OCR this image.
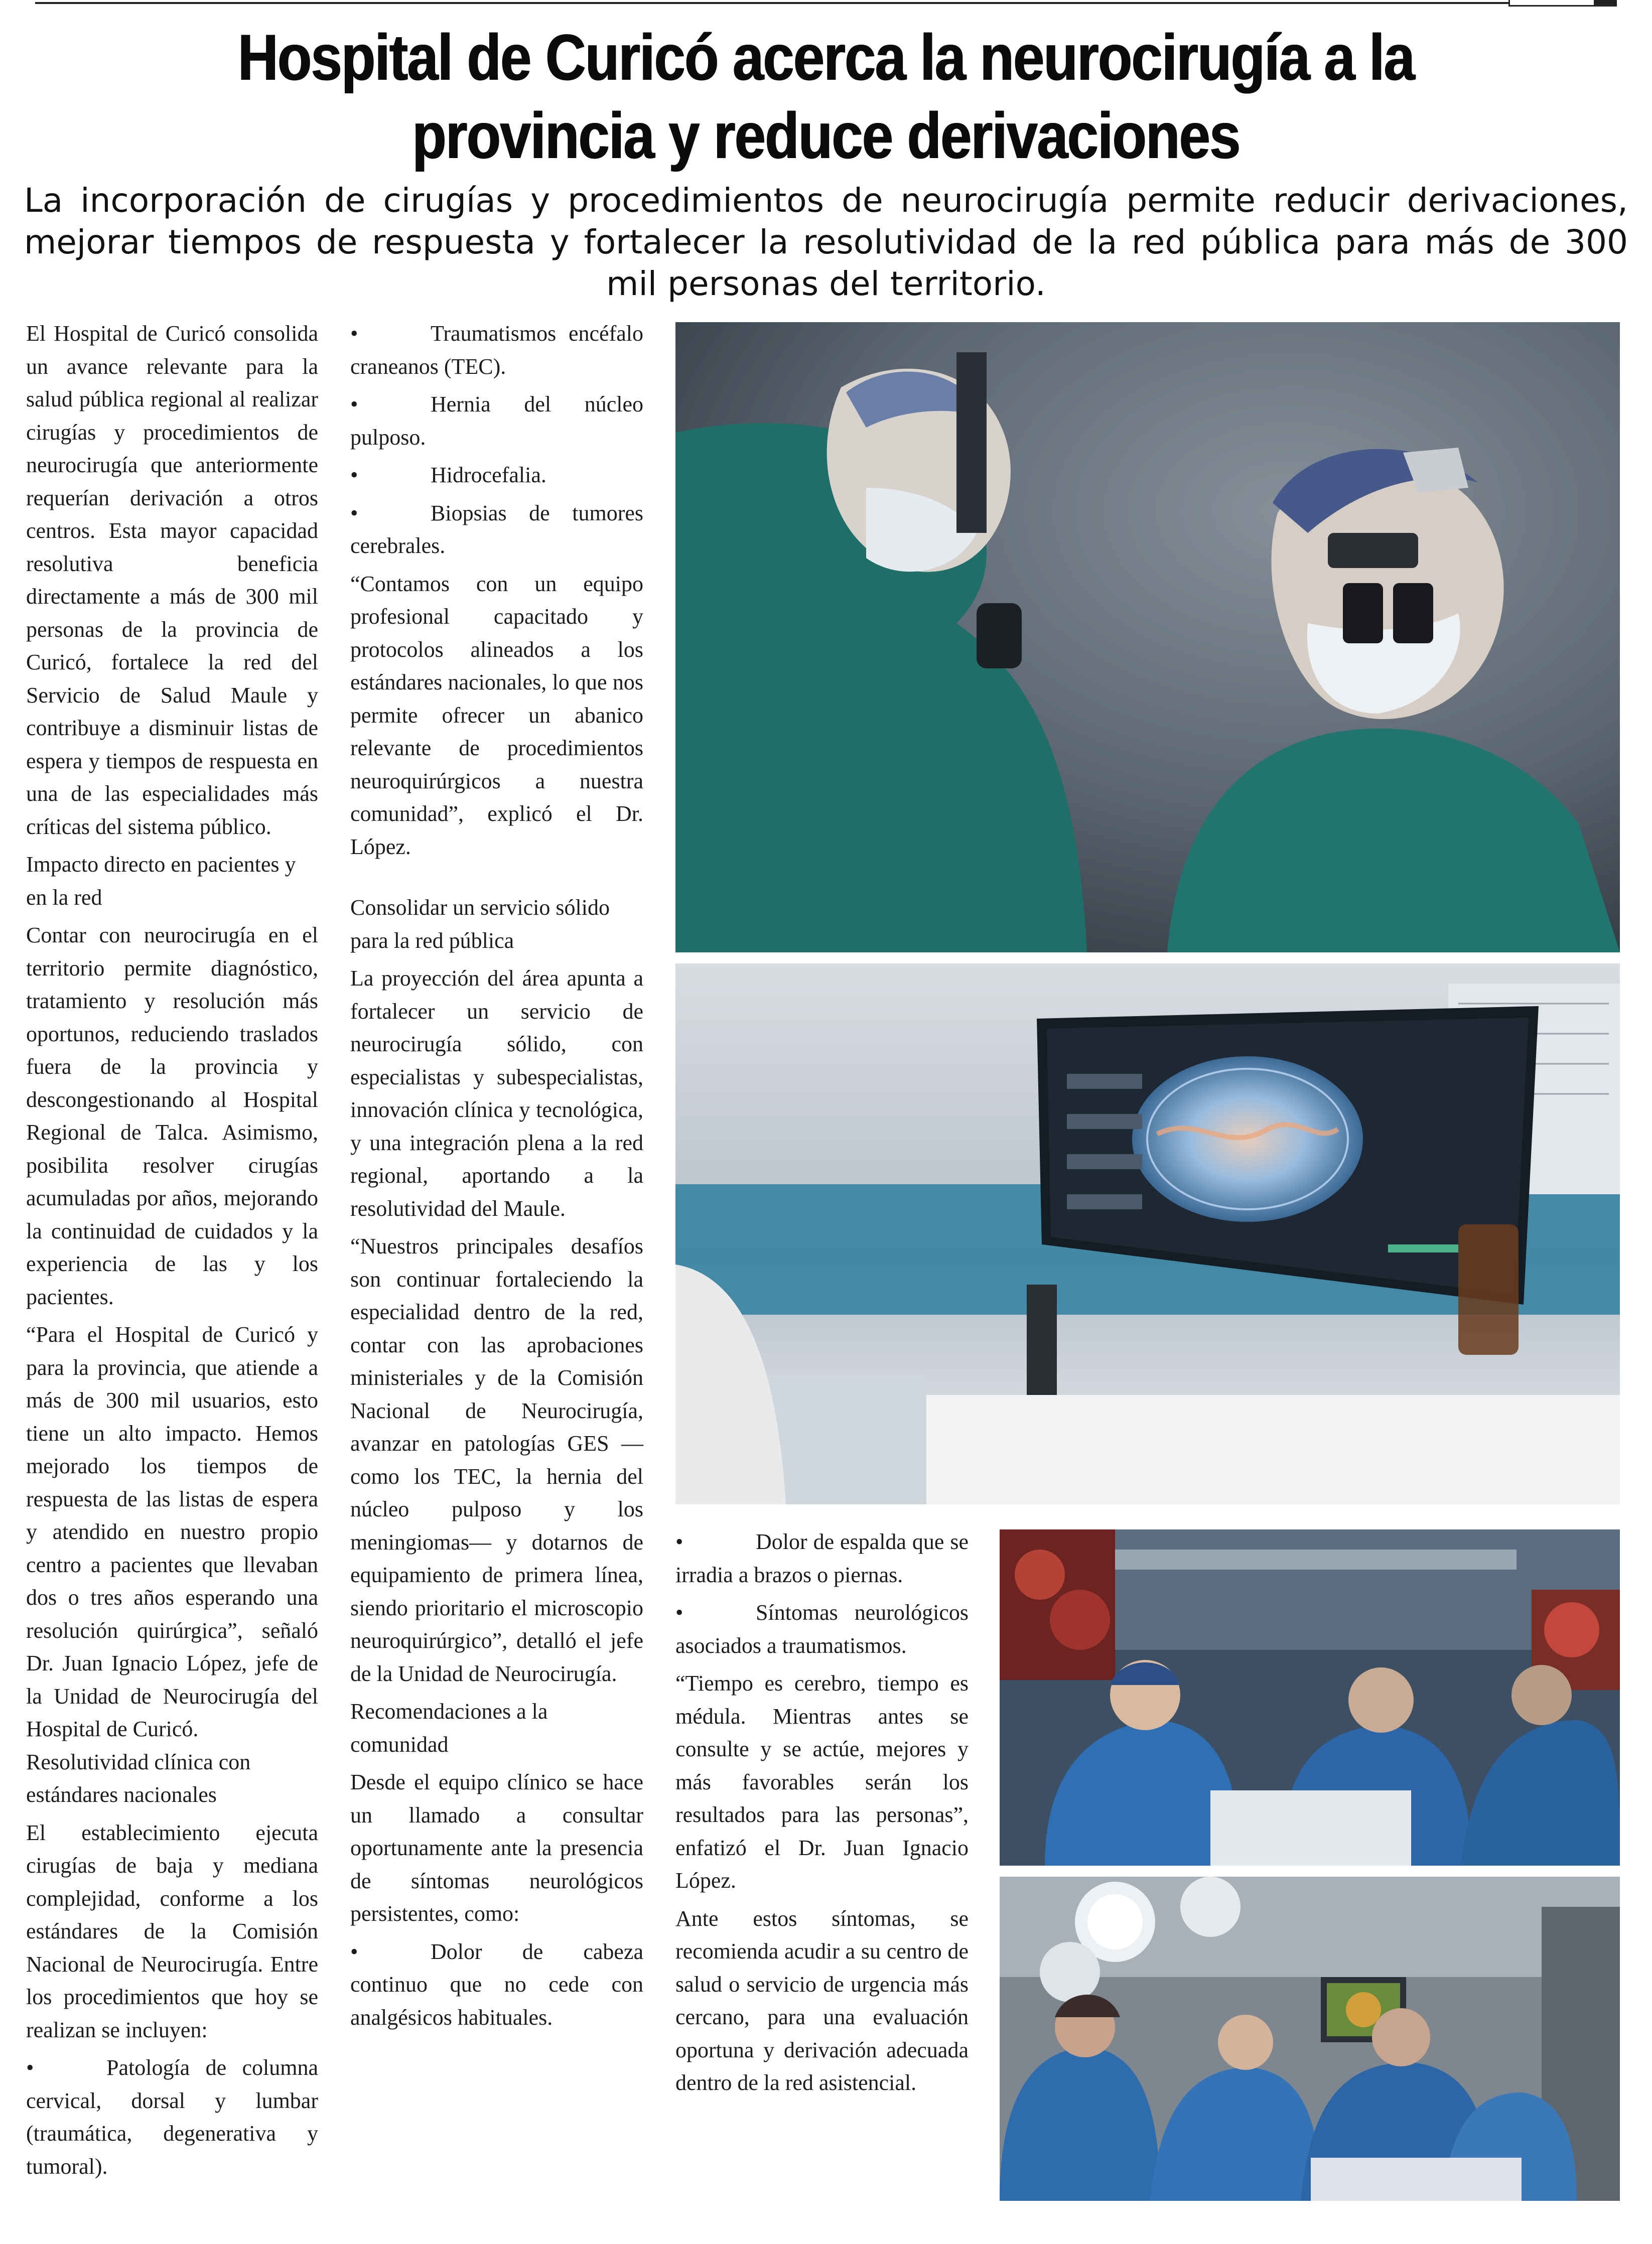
Hospital de Curicó acerca la neurocirugía a la provincia y reduce derivaciones

La incorporación de cirugías y procedimientos de neurocirugía permite reducir derivaciones, mejorar tiempos de respuesta y fortalecer la resolutividad de la red pública para más de 300 mil personas del territorio.

El Hospital de Curicó consolida un avance relevante para la salud pública regional al realizar cirugías y procedimientos de neurocirugía que anteriormente requerían derivación a otros centros. Esta mayor capacidad resolutiva beneficia directamente a más de 300 mil personas de la provincia de Curicó, fortalece la red del Servicio de Salud Maule y contribuye a disminuir listas de espera y tiempos de respuesta en una de las especialidades más críticas del sistema público.

Impacto directo en pacientes y en la red

Contar con neurocirugía en el territorio permite diagnóstico, tratamiento y resolución más oportunos, reduciendo traslados fuera de la provincia y descongestionando al Hospital Regional de Talca. Asimismo, posibilita resolver cirugías acumuladas por años, mejorando la continuidad de cuidados y la experiencia de las y los pacientes.

“Para el Hospital de Curicó y para la provincia, que atiende a más de 300 mil usuarios, esto tiene un alto impacto. Hemos mejorado los tiempos de respuesta de las listas de espera y atendido en nuestro propio centro a pacientes que llevaban dos o tres años esperando una resolución quirúrgica”, señaló Dr. Juan Ignacio López, jefe de la Unidad de Neurocirugía del Hospital de Curicó.

Resolutividad clínica con estándares nacionales

El establecimiento ejecuta cirugías de baja y mediana complejidad, conforme a los estándares de la Comisión Nacional de Neurocirugía. Entre los procedimientos que hoy se realizan se incluyen:

•	Patología de columna cervical, dorsal y lumbar (traumática, degenerativa y tumoral).
•	Traumatismos encéfalo craneanos (TEC).
•	Hernia del núcleo pulposo.
•	Hidrocefalia.
•	Biopsias de tumores cerebrales.

“Contamos con un equipo profesional capacitado y protocolos alineados a los estándares nacionales, lo que nos permite ofrecer un abanico relevante de procedimientos neuroquirúrgicos a nuestra comunidad”, explicó el Dr. López.

Consolidar un servicio sólido para la red pública

La proyección del área apunta a fortalecer un servicio de neurocirugía sólido, con especialistas y subespecialistas, innovación clínica y tecnológica, y una integración plena a la red regional, aportando a la resolutividad del Maule.

“Nuestros principales desafíos son continuar fortaleciendo la especialidad dentro de la red, contar con las aprobaciones ministeriales y de la Comisión Nacional de Neurocirugía, avanzar en patologías GES —como los TEC, la hernia del núcleo pulposo y los meningiomas— y dotarnos de equipamiento de primera línea, siendo prioritario el microscopio neuroquirúrgico”, detalló el jefe de la Unidad de Neurocirugía.

Recomendaciones a la comunidad

Desde el equipo clínico se hace un llamado a consultar oportunamente ante la presencia de síntomas neurológicos persistentes, como:

•	Dolor de cabeza continuo que no cede con analgésicos habituales.
•	Dolor de espalda que se irradia a brazos o piernas.
•	Síntomas neurológicos asociados a traumatismos.

“Tiempo es cerebro, tiempo es médula. Mientras antes se consulte y se actúe, mejores y más favorables serán los resultados para las personas”, enfatizó el Dr. Juan Ignacio López.

Ante estos síntomas, se recomienda acudir a su centro de salud o servicio de urgencia más cercano, para una evaluación oportuna y derivación adecuada dentro de la red asistencial.
